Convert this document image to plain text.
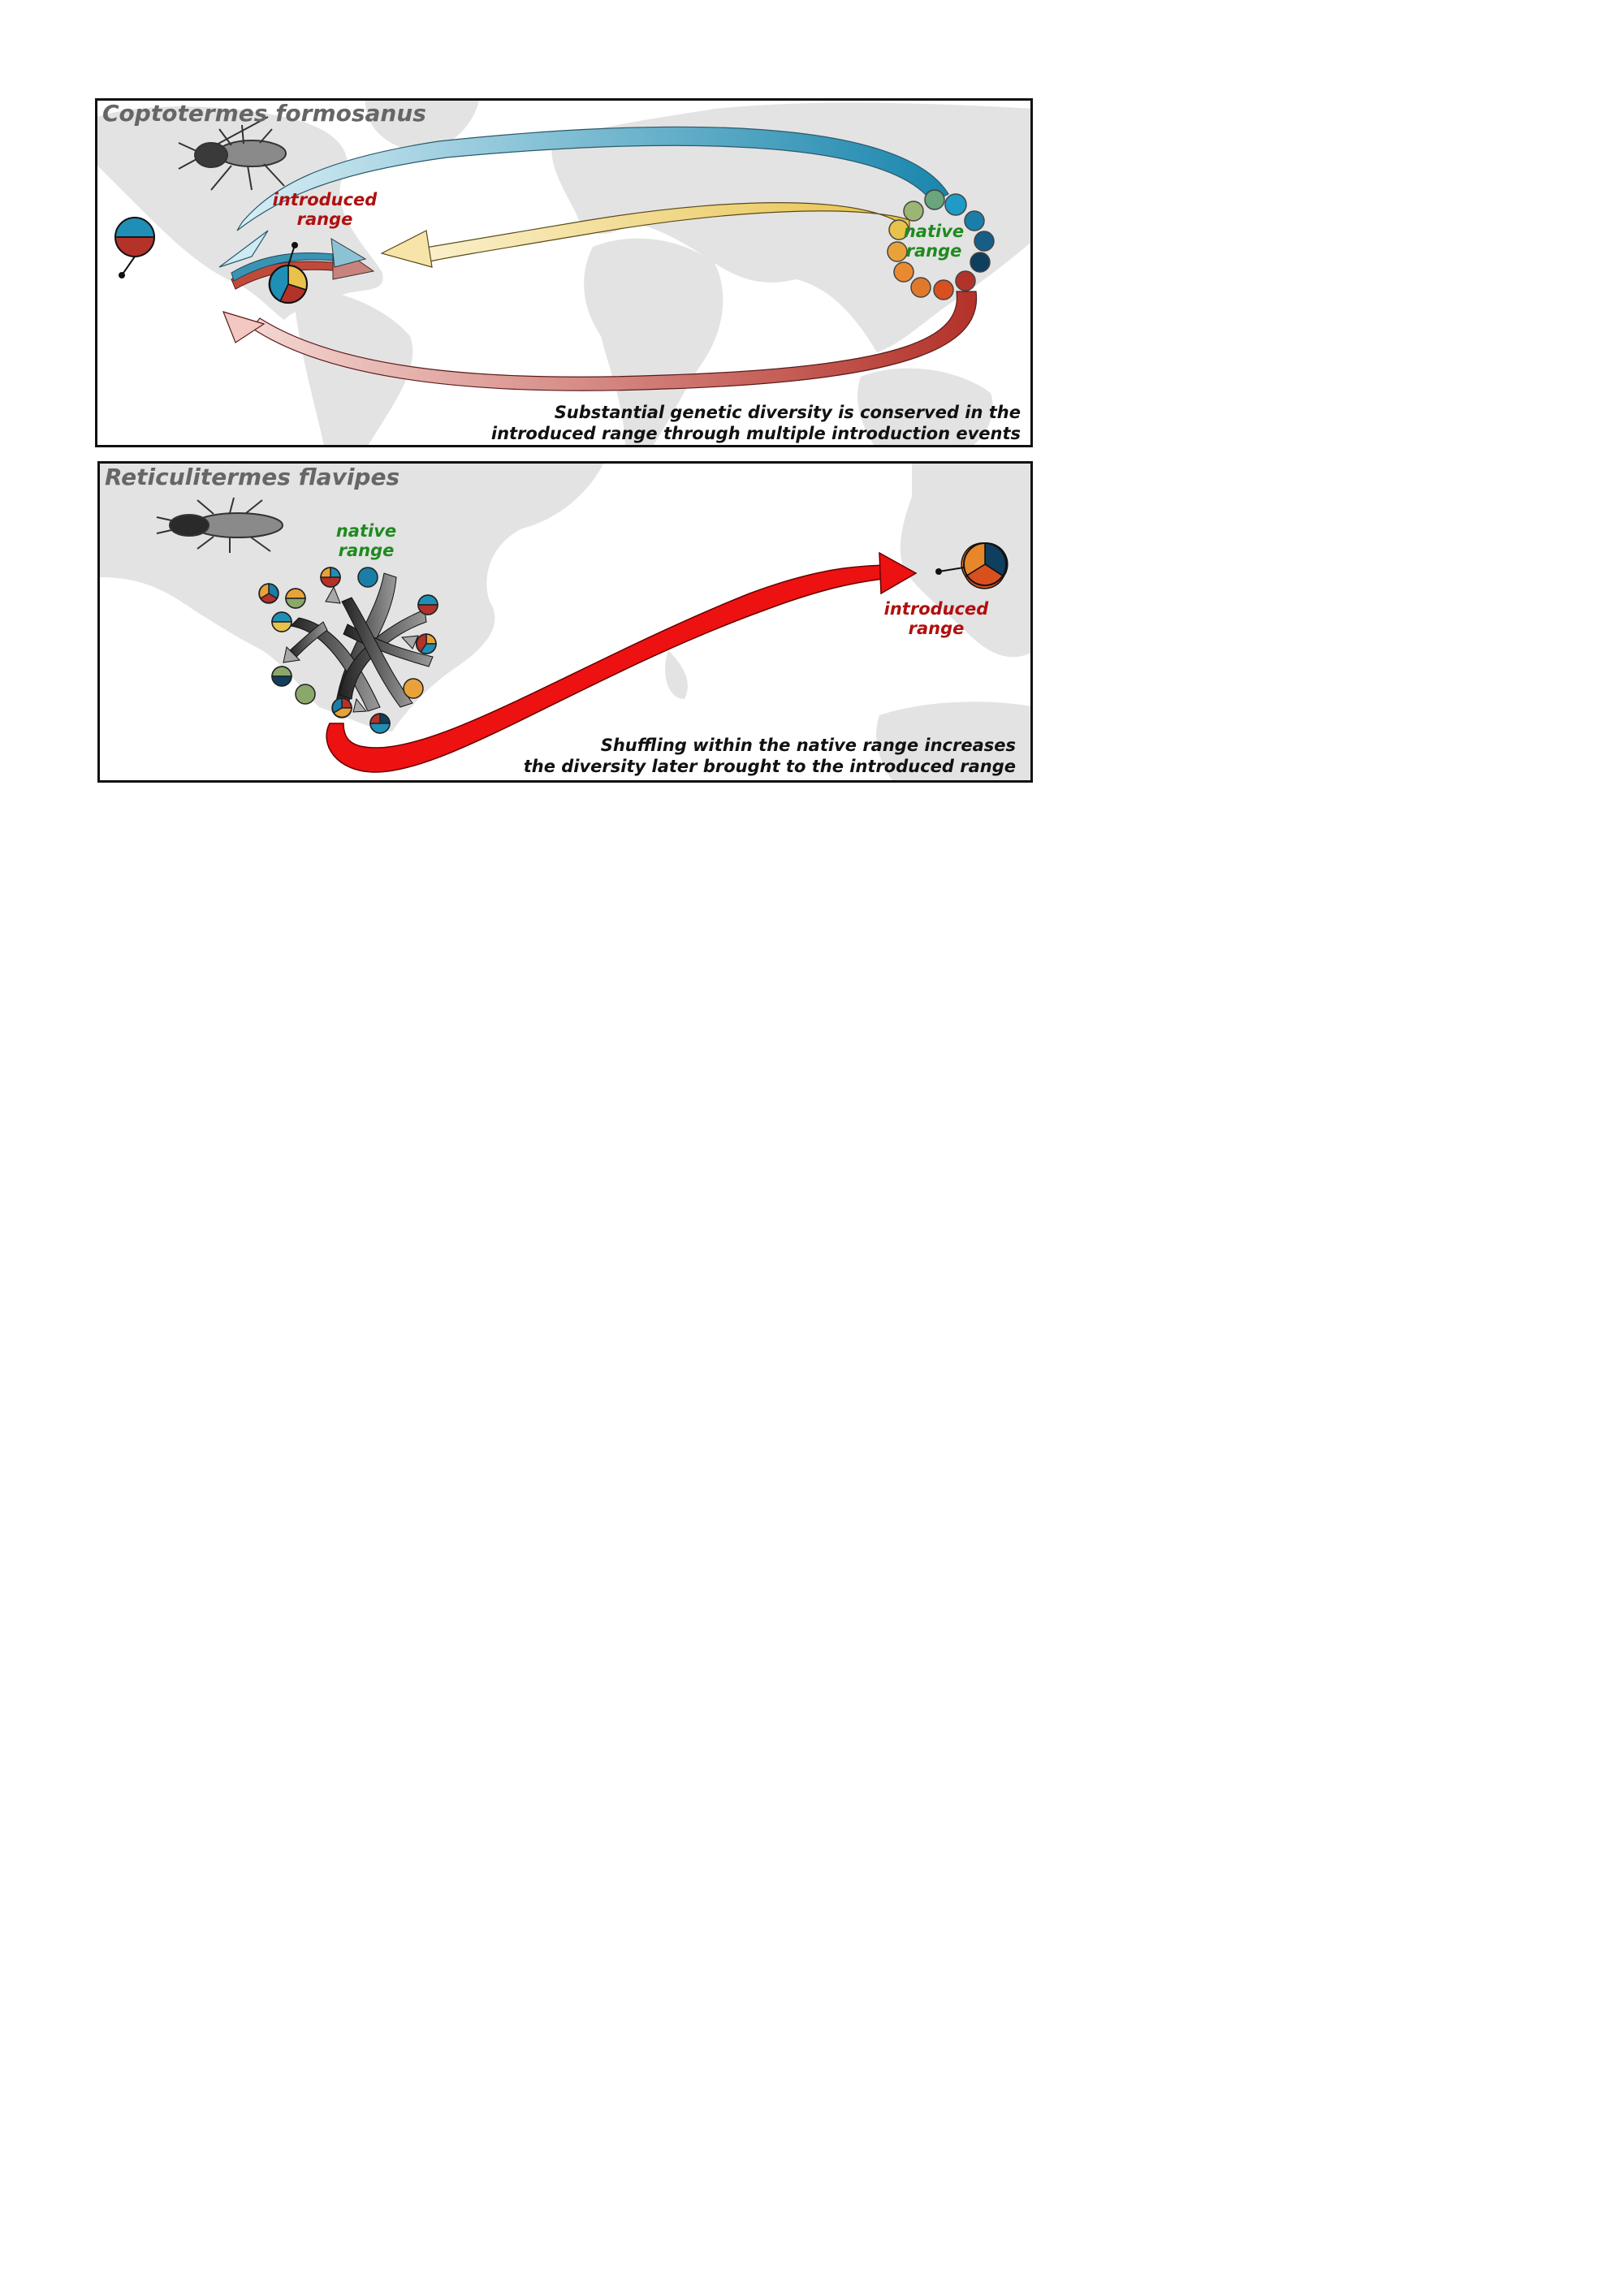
Coptotermes formosanus
introduced
range
native
range
Substantial genetic diversity is conserved in the
introduced range through multiple introduction events
Reticulitermes flavipes
native
range
introduced
range
Shuffling within the native range increases
the diversity later brought to the introduced range
